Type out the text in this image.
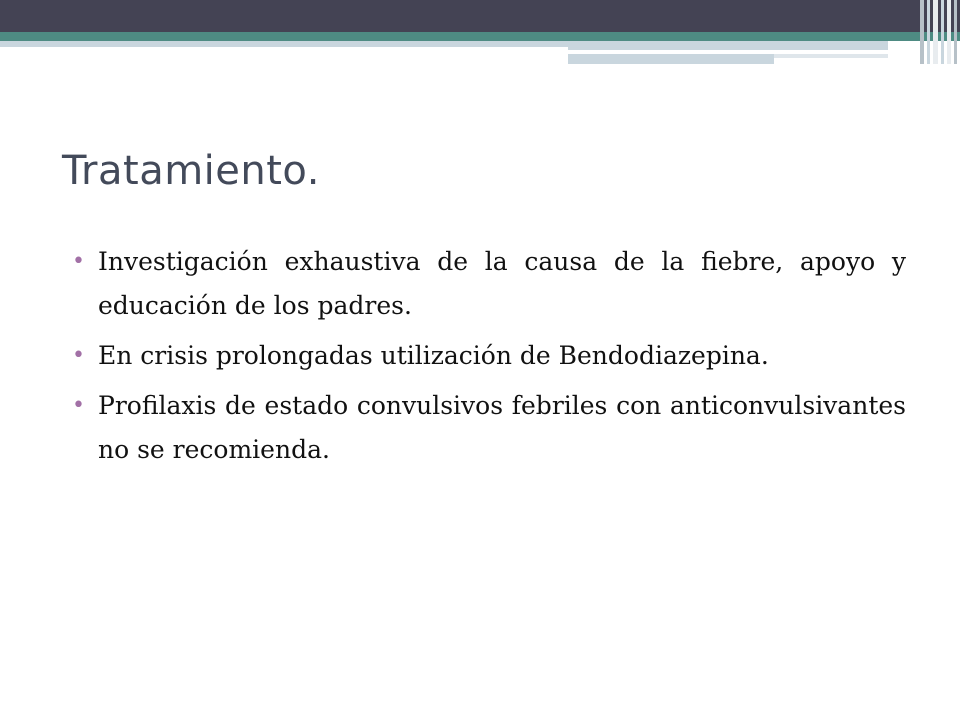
Tratamiento.
• Investigación exhaustiva de la causa de la fiebre, apoyo y educación de los padres.
• En crisis prolongadas utilización de Bendodiazepina.
• Profilaxis de estado convulsivos febriles con anticonvulsivantes no se recomienda.
